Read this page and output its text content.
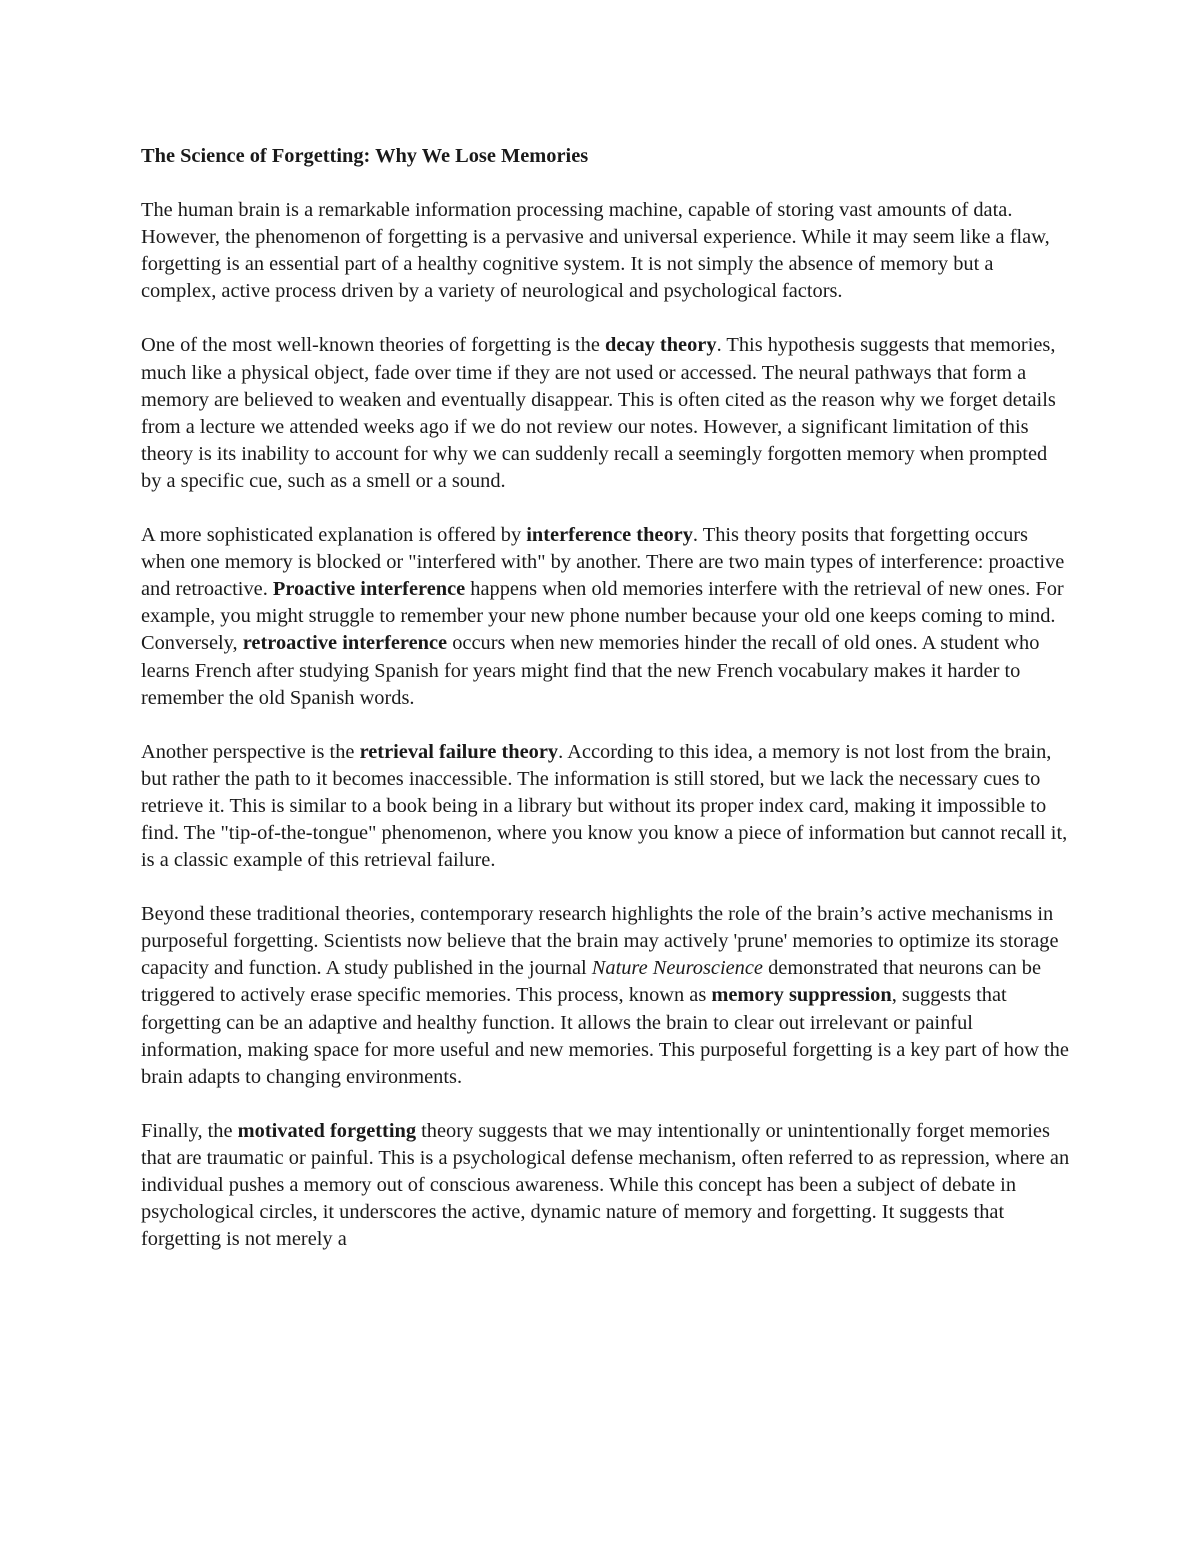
The Science of Forgetting: Why We Lose Memories
The human brain is a remarkable information processing machine, capable of storing vast amounts of data. However, the phenomenon of forgetting is a pervasive and universal experience. While it may seem like a flaw, forgetting is an essential part of a healthy cognitive system. It is not simply the absence of memory but a complex, active process driven by a variety of neurological and psychological factors.
One of the most well-known theories of forgetting is the decay theory. This hypothesis suggests that memories, much like a physical object, fade over time if they are not used or accessed. The neural pathways that form a memory are believed to weaken and eventually disappear. This is often cited as the reason why we forget details from a lecture we attended weeks ago if we do not review our notes. However, a significant limitation of this theory is its inability to account for why we can suddenly recall a seemingly forgotten memory when prompted by a specific cue, such as a smell or a sound.
A more sophisticated explanation is offered by interference theory. This theory posits that forgetting occurs when one memory is blocked or "interfered with" by another. There are two main types of interference: proactive and retroactive. Proactive interference happens when old memories interfere with the retrieval of new ones. For example, you might struggle to remember your new phone number because your old one keeps coming to mind. Conversely, retroactive interference occurs when new memories hinder the recall of old ones. A student who learns French after studying Spanish for years might find that the new French vocabulary makes it harder to remember the old Spanish words.
Another perspective is the retrieval failure theory. According to this idea, a memory is not lost from the brain, but rather the path to it becomes inaccessible. The information is still stored, but we lack the necessary cues to retrieve it. This is similar to a book being in a library but without its proper index card, making it impossible to find. The "tip-of-the-tongue" phenomenon, where you know you know a piece of information but cannot recall it, is a classic example of this retrieval failure.
Beyond these traditional theories, contemporary research highlights the role of the brain’s active mechanisms in purposeful forgetting. Scientists now believe that the brain may actively 'prune' memories to optimize its storage capacity and function. A study published in the journal Nature Neuroscience demonstrated that neurons can be triggered to actively erase specific memories. This process, known as memory suppression, suggests that forgetting can be an adaptive and healthy function. It allows the brain to clear out irrelevant or painful information, making space for more useful and new memories. This purposeful forgetting is a key part of how the brain adapts to changing environments.
Finally, the motivated forgetting theory suggests that we may intentionally or unintentionally forget memories that are traumatic or painful. This is a psychological defense mechanism, often referred to as repression, where an individual pushes a memory out of conscious awareness. While this concept has been a subject of debate in psychological circles, it underscores the active, dynamic nature of memory and forgetting. It suggests that forgetting is not merely a
